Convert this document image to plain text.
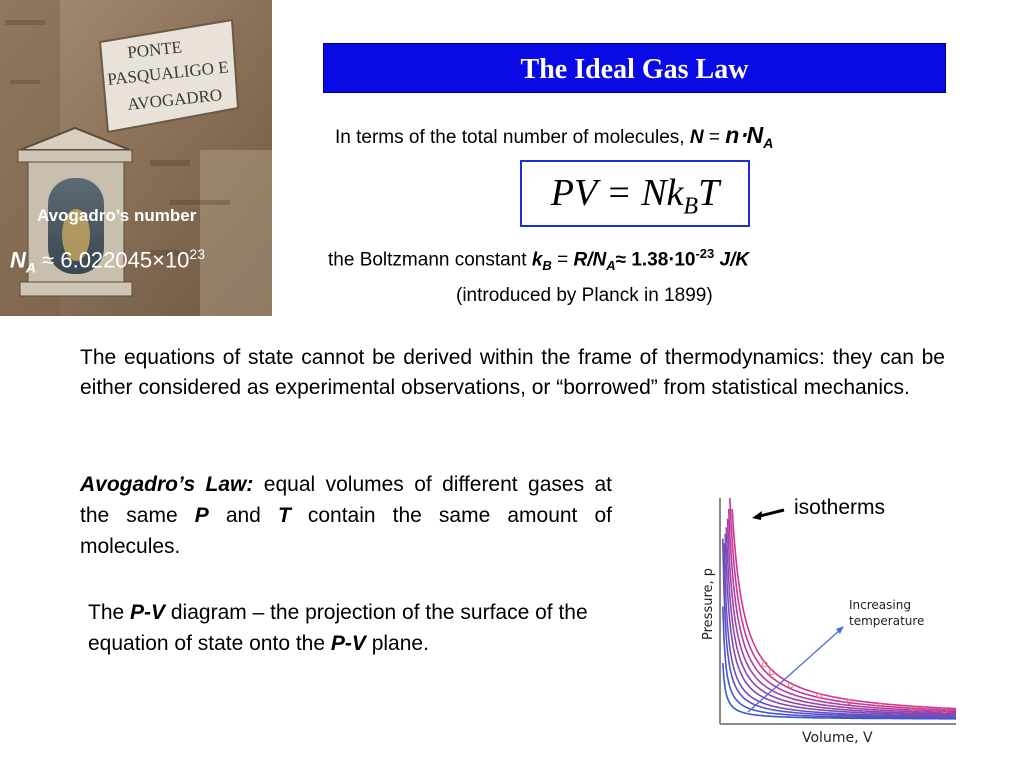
PONTE
PASQUALIGO E
AVOGADRO
Avogadro’s number
$N_A \approx 6.022045\times 10^{23}$
The Ideal Gas Law
In terms of the total number of molecules, $N = n\cdot N_A$
PV = $Nk_BT$
the Boltzmann constant $k_B = R/N_A\approx 1.38\cdot 10^{-23}$ J/K
(introduced by Planck in 1899)
The equations of state cannot be derived within the frame of thermodynamics: they can be either considered as experimental observations, or “borrowed” from statistical mechanics.
Avogadro’s Law: equal volumes of different gases at the same P and T contain the same amount of molecules.
The P-V diagram – the projection of the surface of the equation of state onto the P-V plane.
isotherms
Increasing
temperature
Volume, V
Pressure, p
